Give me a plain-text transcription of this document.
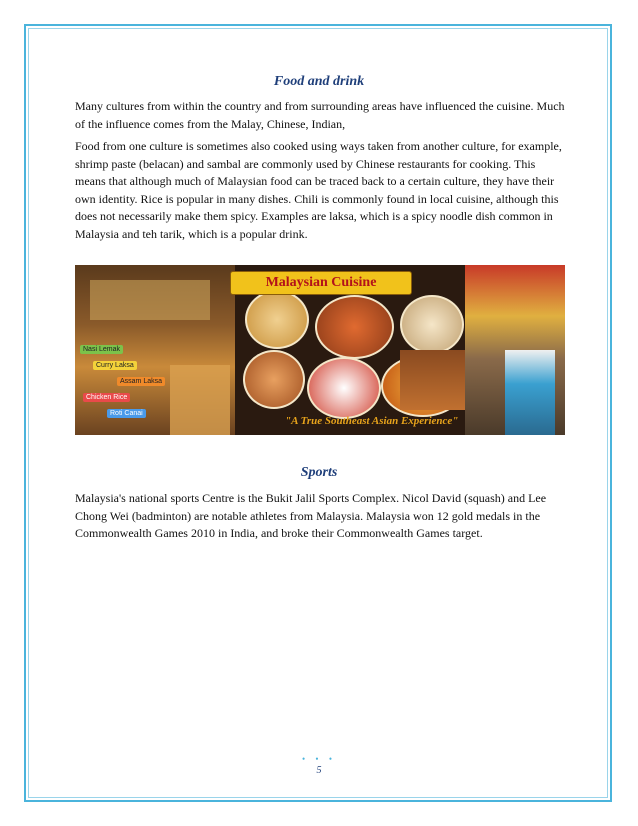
Food and drink

Many cultures from within the country and from surrounding areas have influenced the cuisine. Much of the influence comes from the Malay, Chinese, Indian,

Food from one culture is sometimes also cooked using ways taken from another culture, for example, shrimp paste (belacan) and sambal are commonly used by Chinese restaurants for cooking. This means that although much of Malaysian food can be traced back to a certain culture, they have their own identity. Rice is popular in many dishes. Chili is commonly found in local cuisine, although this does not necessarily make them spicy. Examples are laksa, which is a spicy noodle dish common in Malaysia and teh tarik, which is a popular drink.

Nasi Lemak
Curry Laksa
Assam Laksa
Chicken Rice
Roti Canai
Malaysian Cuisine
"A True Southeast Asian Experience"
Sports

Malaysia's national sports Centre is the Bukit Jalil Sports Complex. Nicol David (squash) and Lee Chong Wei (badminton) are notable athletes from Malaysia. Malaysia won 12 gold medals in the Commonwealth Games 2010 in India, and broke their Commonwealth Games target.

• • •
5
